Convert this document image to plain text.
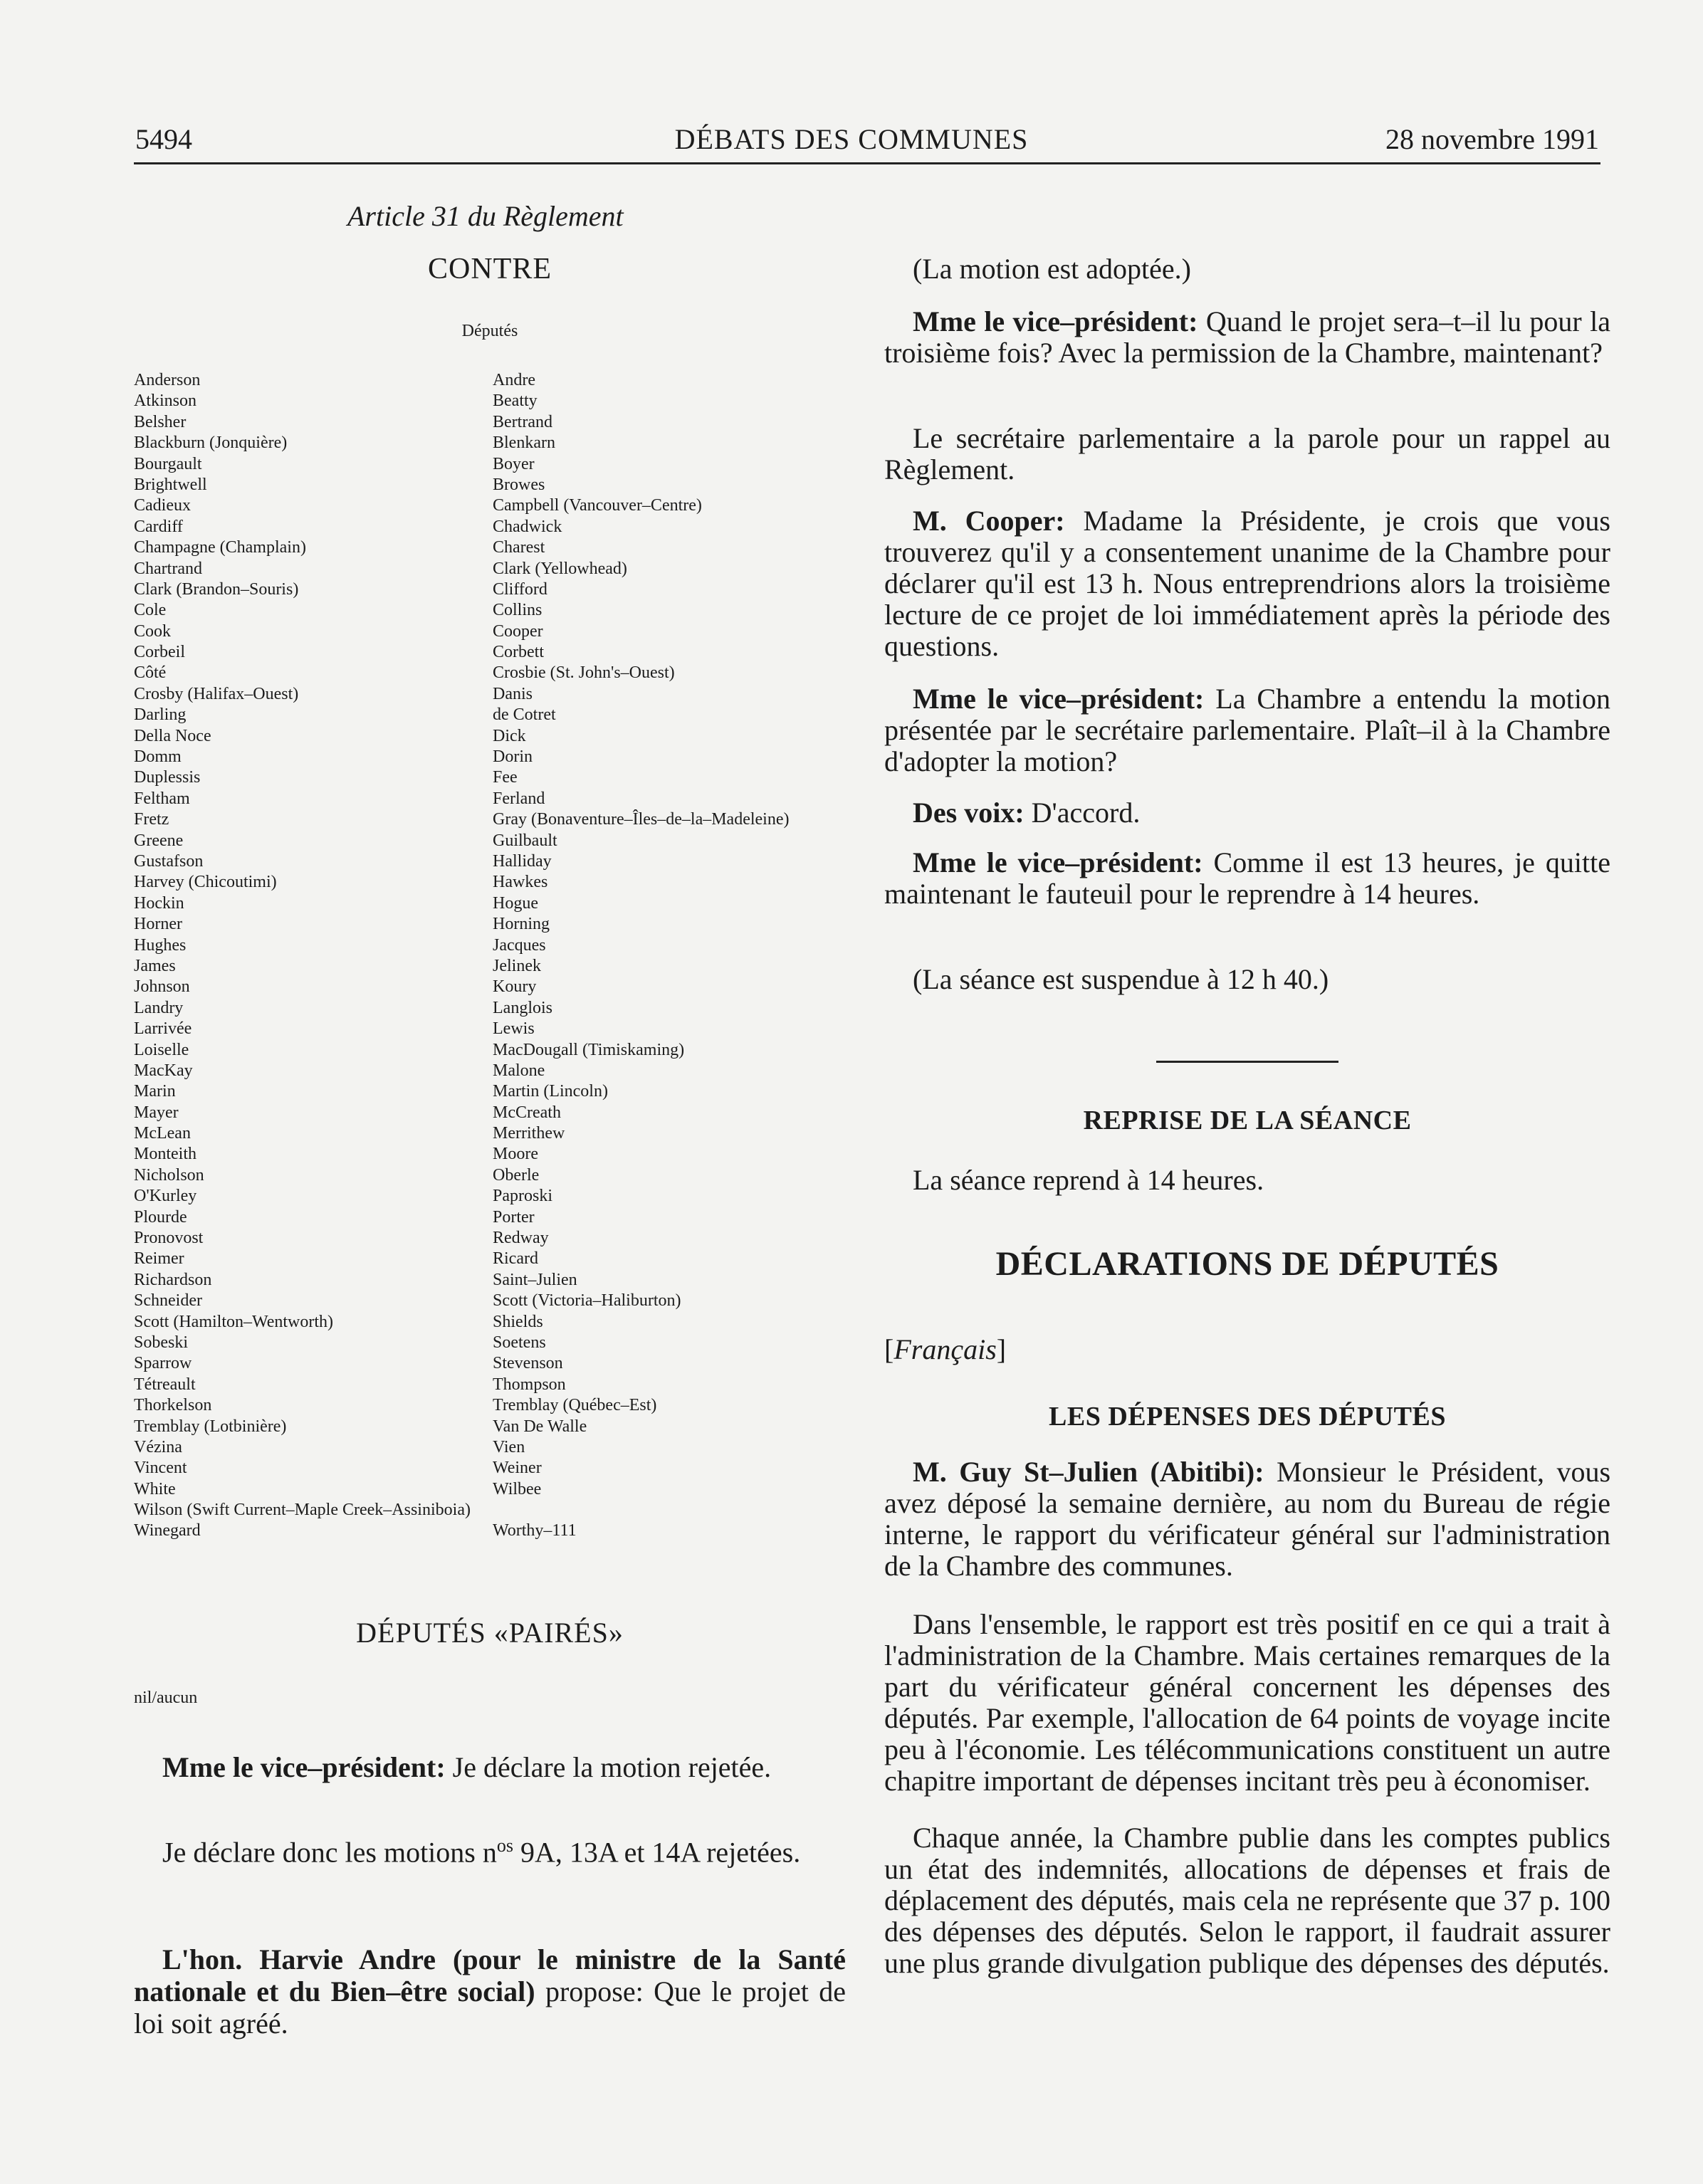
5494	DÉBATS DES COMMUNES	28 novembre 1991
Article 31 du Règlement
CONTRE
Députés
Anderson	Andre
Atkinson	Beatty
Belsher	Bertrand
Blackburn (Jonquière)	Blenkarn
Bourgault	Boyer
Brightwell	Browes
Cadieux	Campbell (Vancouver–Centre)
Cardiff	Chadwick
Champagne (Champlain)	Charest
Chartrand	Clark (Yellowhead)
Clark (Brandon–Souris)	Clifford
Cole	Collins
Cook	Cooper
Corbeil	Corbett
Côté	Crosbie (St. John's–Ouest)
Crosby (Halifax–Ouest)	Danis
Darling	de Cotret
Della Noce	Dick
Domm	Dorin
Duplessis	Fee
Feltham	Ferland
Fretz	Gray (Bonaventure–Îles–de–la–Madeleine)
Greene	Guilbault
Gustafson	Halliday
Harvey (Chicoutimi)	Hawkes
Hockin	Hogue
Horner	Horning
Hughes	Jacques
James	Jelinek
Johnson	Koury
Landry	Langlois
Larrivée	Lewis
Loiselle	MacDougall (Timiskaming)
MacKay	Malone
Marin	Martin (Lincoln)
Mayer	McCreath
McLean	Merrithew
Monteith	Moore
Nicholson	Oberle
O'Kurley	Paproski
Plourde	Porter
Pronovost	Redway
Reimer	Ricard
Richardson	Saint–Julien
Schneider	Scott (Victoria–Haliburton)
Scott (Hamilton–Wentworth)	Shields
Sobeski	Soetens
Sparrow	Stevenson
Tétreault	Thompson
Thorkelson	Tremblay (Québec–Est)
Tremblay (Lotbinière)	Van De Walle
Vézina	Vien
Vincent	Weiner
White	Wilbee
Wilson (Swift Current–Maple Creek–Assiniboia)
Winegard	Worthy–111
DÉPUTÉS «PAIRÉS»
nil/aucun
Mme le vice–président: Je déclare la motion rejetée.
Je déclare donc les motions $n^{os}$ 9A, 13A et 14A rejetées.
L'hon. Harvie Andre (pour le ministre de la Santé nationale et du Bien–être social) propose: Que le projet de loi soit agréé.
(La motion est adoptée.)
Mme le vice–président: Quand le projet sera–t–il lu pour la troisième fois? Avec la permission de la Chambre, maintenant?
Le secrétaire parlementaire a la parole pour un rappel au Règlement.
M. Cooper: Madame la Présidente, je crois que vous trouverez qu'il y a consentement unanime de la Chambre pour déclarer qu'il est 13 h. Nous entreprendrions alors la troisième lecture de ce projet de loi immédiatement après la période des questions.
Mme le vice–président: La Chambre a entendu la motion présentée par le secrétaire parlementaire. Plaît–il à la Chambre d'adopter la motion?
Des voix: D'accord.
Mme le vice–président: Comme il est 13 heures, je quitte maintenant le fauteuil pour le reprendre à 14 heures.
(La séance est suspendue à 12 h 40.)
REPRISE DE LA SÉANCE
La séance reprend à 14 heures.
DÉCLARATIONS DE DÉPUTÉS
[Français]
LES DÉPENSES DES DÉPUTÉS
M. Guy St–Julien (Abitibi): Monsieur le Président, vous avez déposé la semaine dernière, au nom du Bureau de régie interne, le rapport du vérificateur général sur l'administration de la Chambre des communes.
Dans l'ensemble, le rapport est très positif en ce qui a trait à l'administration de la Chambre. Mais certaines remarques de la part du vérificateur général concernent les dépenses des députés. Par exemple, l'allocation de 64 points de voyage incite peu à l'économie. Les télécommunications constituent un autre chapitre important de dépenses incitant très peu à économiser.
Chaque année, la Chambre publie dans les comptes publics un état des indemnités, allocations de dépenses et frais de déplacement des députés, mais cela ne représente que 37 p. 100 des dépenses des députés. Selon le rapport, il faudrait assurer une plus grande divulgation publique des dépenses des députés.
